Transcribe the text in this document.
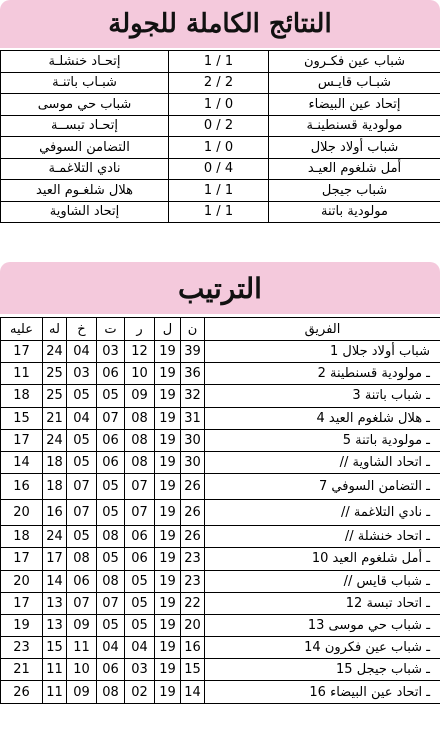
النتائج الكاملة للجولة
إتحـاد خنشلـة	1 / 1	شباب عين فكـرون
شبـاب باتنـة	2 / 2	شبـاب قايـس
شباب حي موسى	1 / 0	إتحاد عين البيضاء
إتحـاد تبســة	0 / 2	مولودية قسنطينـة
التضامن السوفي	1 / 0	شباب أولاد جلال
نادي التلاغمـة	0 / 4	أمل شلغوم العيـد
هلال شلغـوم العيد	1 / 1	شباب جيجل
إتحاد الشاوية	1 / 1	مولودية باتنة
الترتيب
عليه	له	خ	ت	ر	ل	ن	الفريق
17	24	04	03	12	19	39	1 شباب أولاد جلال
11	25	03	06	10	19	36	2 ـ مولودية قسنطينة
18	25	05	05	09	19	32	3 ـ شباب باتنة
15	21	04	07	08	19	31	4 ـ هلال شلغوم العيد
17	24	05	06	08	19	30	5 ـ مولودية باتنة
14	18	05	06	08	19	30	// ـ اتحاد الشاوية
16	18	07	05	07	19	26	7 ـ التضامن السوفي
20	16	07	05	07	19	26	// ـ نادي التلاغمة
18	24	05	08	06	19	26	// ـ اتحاد خنشلة
17	17	08	05	06	19	23	10 ـ أمل شلغوم العيد
20	14	06	08	05	19	23	// ـ شباب قايس
17	13	07	07	05	19	22	12 ـ اتحاد تبسة
19	13	09	05	05	19	20	13 ـ شباب حي موسى
23	15	11	04	04	19	16	14 ـ شباب عين فكرون
21	11	10	06	03	19	15	15 ـ شباب جيجل
26	11	09	08	02	19	14	16 ـ اتحاد عين البيضاء
